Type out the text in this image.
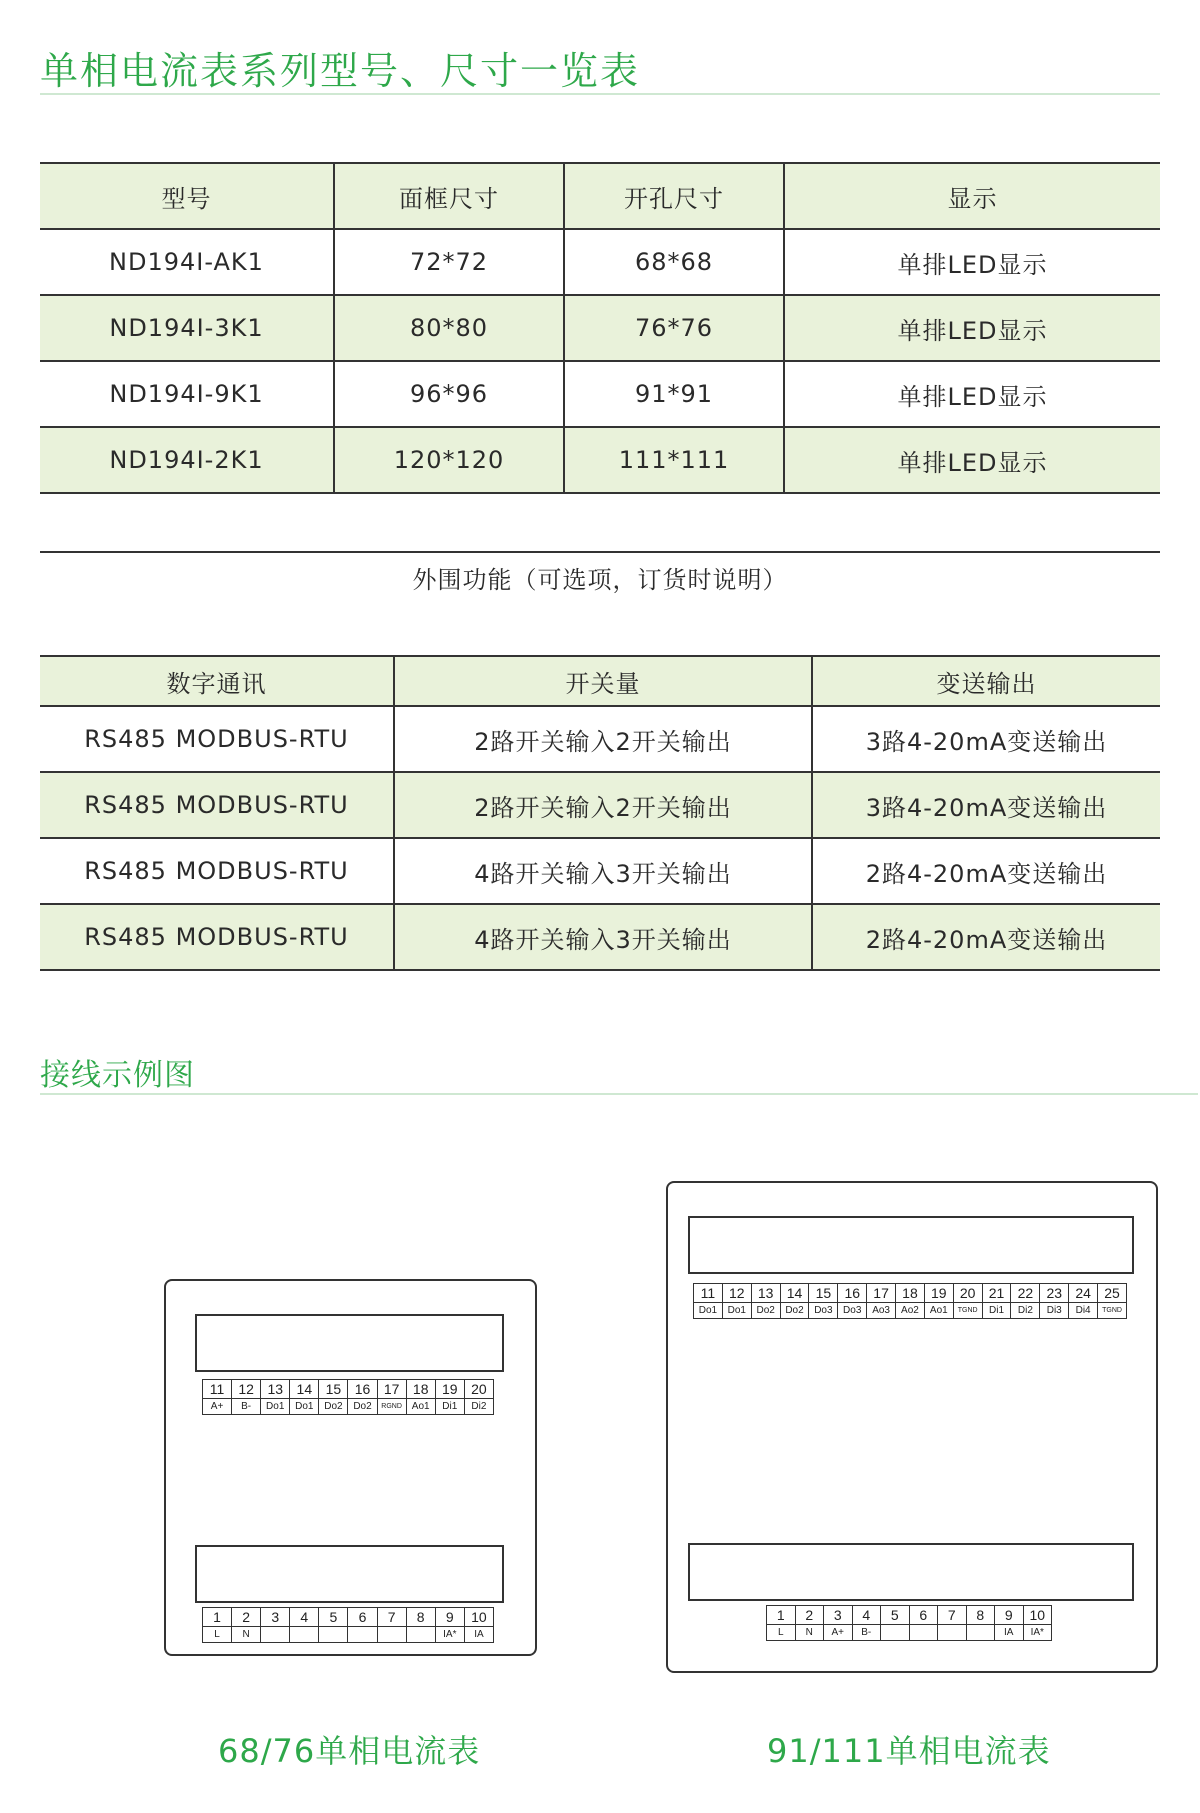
单相电流表系列型号、尺寸一览表
型号	面框尺寸	开孔尺寸	显示
ND194I-AK1	72*72	68*68	单排LED显示
ND194I-3K1	80*80	76*76	单排LED显示
ND194I-9K1	96*96	91*91	单排LED显示
ND194I-2K1	120*120	111*111	单排LED显示
外围功能（可选项，订货时说明）
数字通讯	开关量	变送输出
RS485 MODBUS-RTU	2路开关输入2开关输出	3路4-20mA变送输出
RS485 MODBUS-RTU	2路开关输入2开关输出	3路4-20mA变送输出
RS485 MODBUS-RTU	4路开关输入3开关输出	2路4-20mA变送输出
RS485 MODBUS-RTU	4路开关输入3开关输出	2路4-20mA变送输出
接线示例图
11	12	13	14	15	16	17	18	19	20
A+	B-	Do1	Do1	Do2	Do2	RGND	Ao1	Di1	Di2
1	2	3	4	5	6	7	8	9	10
L	N							IA*	IA
68/76单相电流表
11	12	13	14	15	16	17	18	19	20	21	22	23	24	25
Do1	Do1	Do2	Do2	Do3	Do3	Ao3	Ao2	Ao1	TGND	Di1	Di2	Di3	Di4	TGND
1	2	3	4	5	6	7	8	9	10
L	N	A+	B-					IA	IA*
91/111单相电流表
